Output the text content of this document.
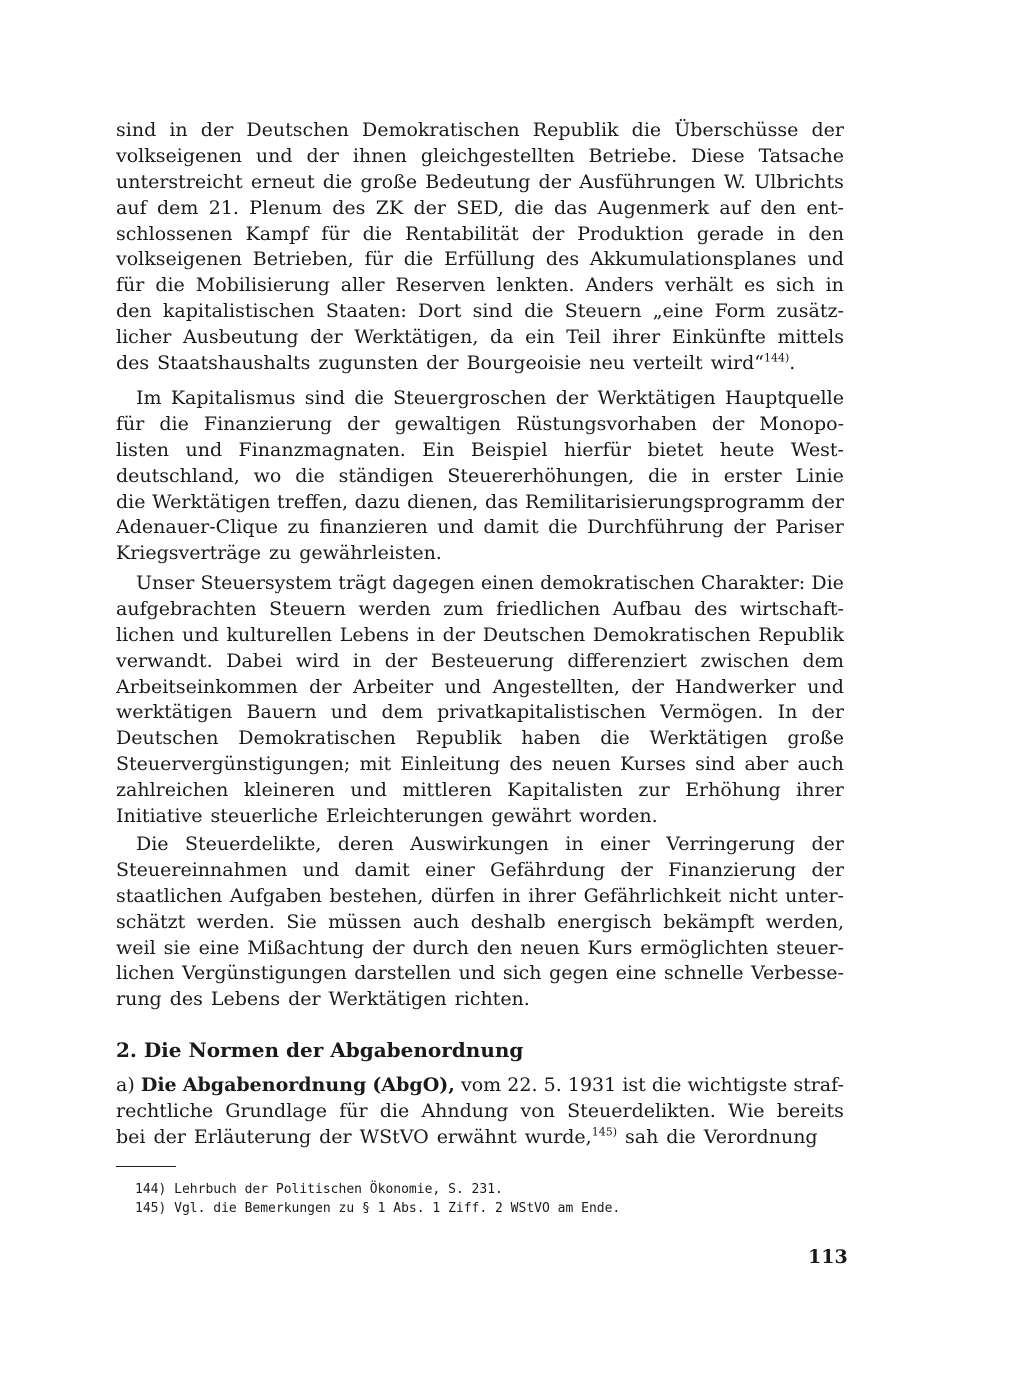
sind in der Deutschen Demokratischen Republik die Überschüsse der
volkseigenen und der ihnen gleichgestellten Betriebe. Diese Tatsache
unterstreicht erneut die große Bedeutung der Ausführungen W. Ulbrichts
auf dem 21. Plenum des ZK der SED, die das Augenmerk auf den ent-
schlossenen Kampf für die Rentabilität der Produktion gerade in den
volkseigenen Betrieben, für die Erfüllung des Akkumulationsplanes und
für die Mobilisierung aller Reserven lenkten. Anders verhält es sich in
den kapitalistischen Staaten: Dort sind die Steuern „eine Form zusätz-
licher Ausbeutung der Werktätigen, da ein Teil ihrer Einkünfte mittels
des Staatshaushalts zugunsten der Bourgeoisie neu verteilt wird“$^{144)}$.
Im Kapitalismus sind die Steuergroschen der Werktätigen Hauptquelle
für die Finanzierung der gewaltigen Rüstungsvorhaben der Monopo-
listen und Finanzmagnaten. Ein Beispiel hierfür bietet heute West-
deutschland, wo die ständigen Steuererhöhungen, die in erster Linie
die Werktätigen treffen, dazu dienen, das Remilitarisierungsprogramm der
Adenauer-Clique zu finanzieren und damit die Durchführung der Pariser
Kriegsverträge zu gewährleisten.
Unser Steuersystem trägt dagegen einen demokratischen Charakter: Die
aufgebrachten Steuern werden zum friedlichen Aufbau des wirtschaft-
lichen und kulturellen Lebens in der Deutschen Demokratischen Republik
verwandt. Dabei wird in der Besteuerung differenziert zwischen dem
Arbeitseinkommen der Arbeiter und Angestellten, der Handwerker und
werktätigen Bauern und dem privatkapitalistischen Vermögen. In der
Deutschen Demokratischen Republik haben die Werktätigen große
Steuervergünstigungen; mit Einleitung des neuen Kurses sind aber auch
zahlreichen kleineren und mittleren Kapitalisten zur Erhöhung ihrer
Initiative steuerliche Erleichterungen gewährt worden.
Die Steuerdelikte, deren Auswirkungen in einer Verringerung der
Steuereinnahmen und damit einer Gefährdung der Finanzierung der
staatlichen Aufgaben bestehen, dürfen in ihrer Gefährlichkeit nicht unter-
schätzt werden. Sie müssen auch deshalb energisch bekämpft werden,
weil sie eine Mißachtung der durch den neuen Kurs ermöglichten steuer-
lichen Vergünstigungen darstellen und sich gegen eine schnelle Verbesse-
rung des Lebens der Werktätigen richten.
a) Die Abgabenordnung (AbgO), vom 22. 5. 1931 ist die wichtigste straf-
rechtliche Grundlage für die Ahndung von Steuerdelikten. Wie bereits
bei der Erläuterung der WStVO erwähnt wurde,$^{145)}$ sah die Verordnung
2. Die Normen der Abgabenordnung
144) Lehrbuch der Politischen Ökonomie, S. 231.
145) Vgl. die Bemerkungen zu § 1 Abs. 1 Ziff. 2 WStVO am Ende.
113
